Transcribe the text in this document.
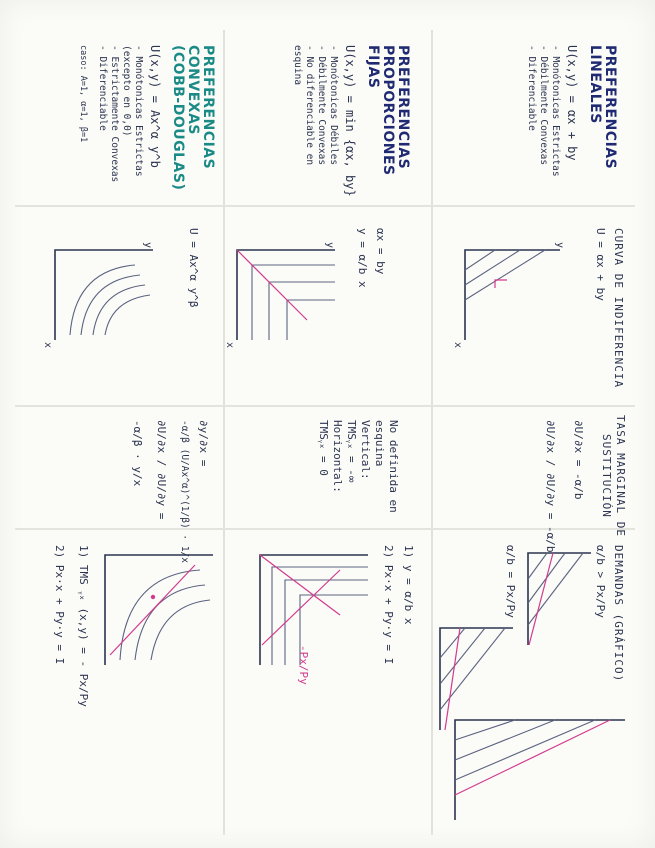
CURVA DE INDIFERENCIA
TASA MARGINAL DE
SUSTITUCIÓN
DEMANDAS (GRÁFICO)
PREFERENCIAS
LINEALES
U(x,y) = αx + by
- Monótonicas Estrictas
- Débilmente Convexas
- Diferenciable
U = αx + by
y
x
∂U/∂x = -α/b
∂U/∂x / ∂U/∂y = -α/b
α/b > Px/Py
α/b = Px/Py
PREFERENCIAS
PROPORCIONES
FIJAS
U(x,y) = min {αx, by}
- Monótonicas Débiles
- Débilmente Convexas
- No diferenciable en
esquina
αx = by
y = α/b x
y
x
No definida en
esquina
Vertical:
TMSᵧₓ = -∞
Horizontal:
TMSᵧₓ = 0
1) y = α/b x
2) Px·x + Py·y = I
-Px/Py
PREFERENCIAS
CONVEXAS
(COBB-DOUGLAS)
U(x,y) = Ax^α y^b
- Monótonicas Estrictas
(excepto en 0,0)
- Estrictamente Convexas
- Diferenciable
caso: A=1, α=1, β=1
U = Ax^α y^β
y
x
∂y/∂x =
-α/β (U/Ax^α)^(1/β) · 1/x
∂U/∂x / ∂U/∂y =
-α/β · y/x
1) TMS ᵧₓ (x,y) = - Px/Py
2) Px·x + Py·y = I
